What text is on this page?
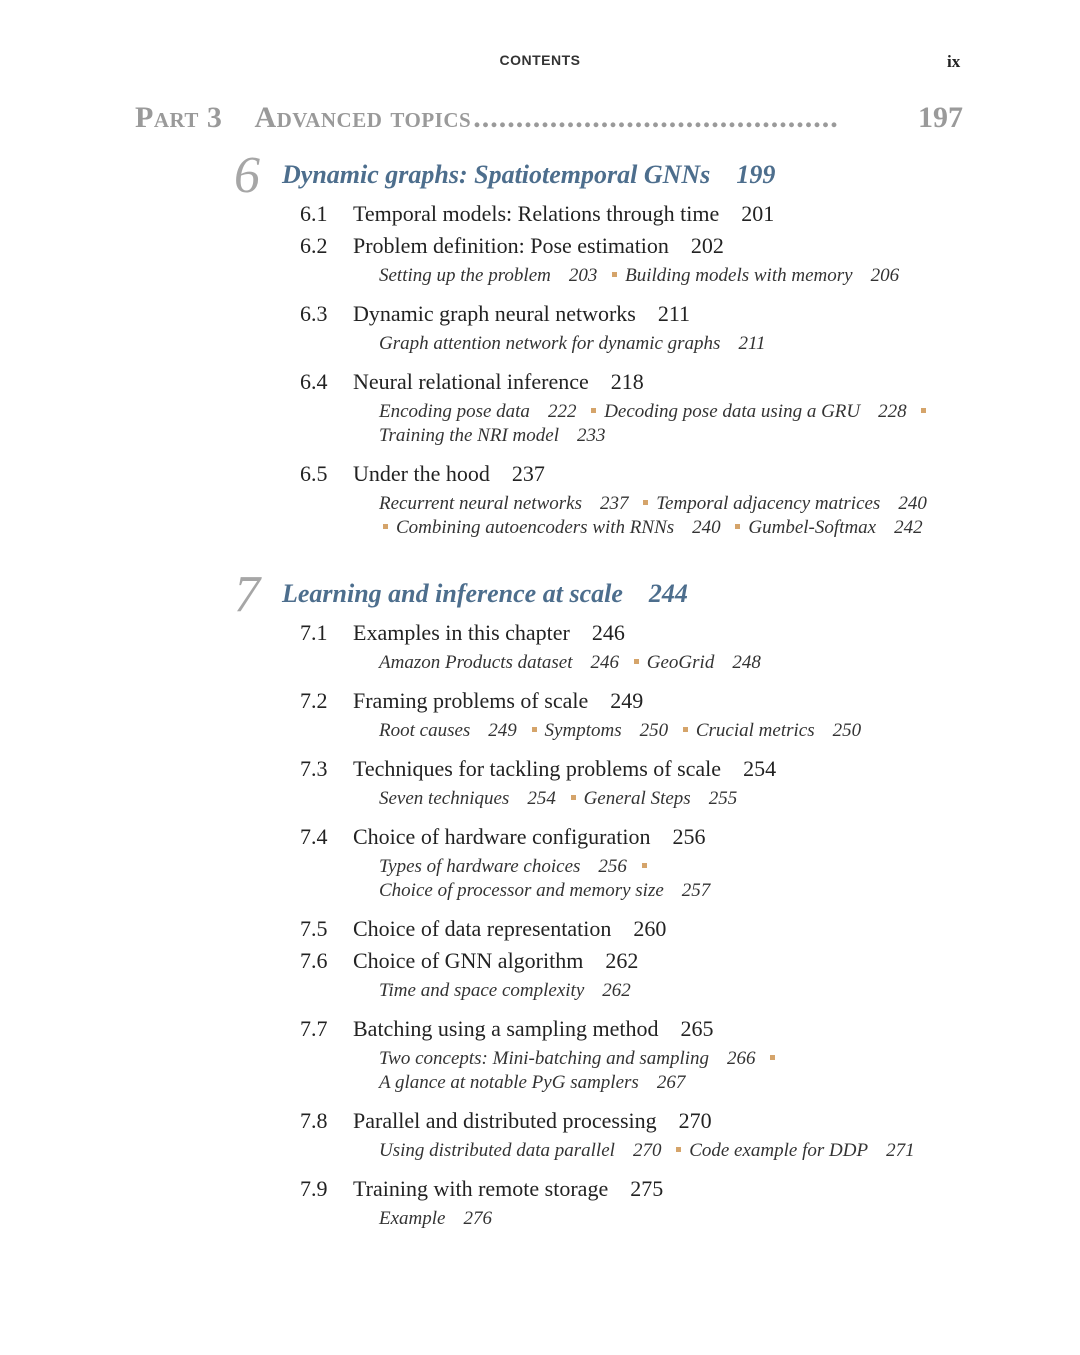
CONTENTS	ix
Part 3 Advanced topics ...........................................	197
6 Dynamic graphs: Spatiotemporal GNNs 199
6.1	Temporal models: Relations through time 201
6.2	Problem definition: Pose estimation 202
Setting up the problem 203 Building models with memory 206
6.3	Dynamic graph neural networks 211
Graph attention network for dynamic graphs 211
6.4	Neural relational inference 218
Encoding pose data 222 Decoding pose data using a GRU 228 Training the NRI model 233
6.5	Under the hood 237
Recurrent neural networks 237 Temporal adjacency matrices 240 Combining autoencoders with RNNs 240 Gumbel-Softmax 242
7 Learning and inference at scale 244
7.1	Examples in this chapter 246
Amazon Products dataset 246 GeoGrid 248
7.2	Framing problems of scale 249
Root causes 249 Symptoms 250 Crucial metrics 250
7.3	Techniques for tackling problems of scale 254
Seven techniques 254 General Steps 255
7.4	Choice of hardware configuration 256
Types of hardware choices 256 Choice of processor and memory size 257
7.5	Choice of data representation 260
7.6	Choice of GNN algorithm 262
Time and space complexity 262
7.7	Batching using a sampling method 265
Two concepts: Mini-batching and sampling 266 A glance at notable PyG samplers 267
7.8	Parallel and distributed processing 270
Using distributed data parallel 270 Code example for DDP 271
7.9	Training with remote storage 275
Example 276
